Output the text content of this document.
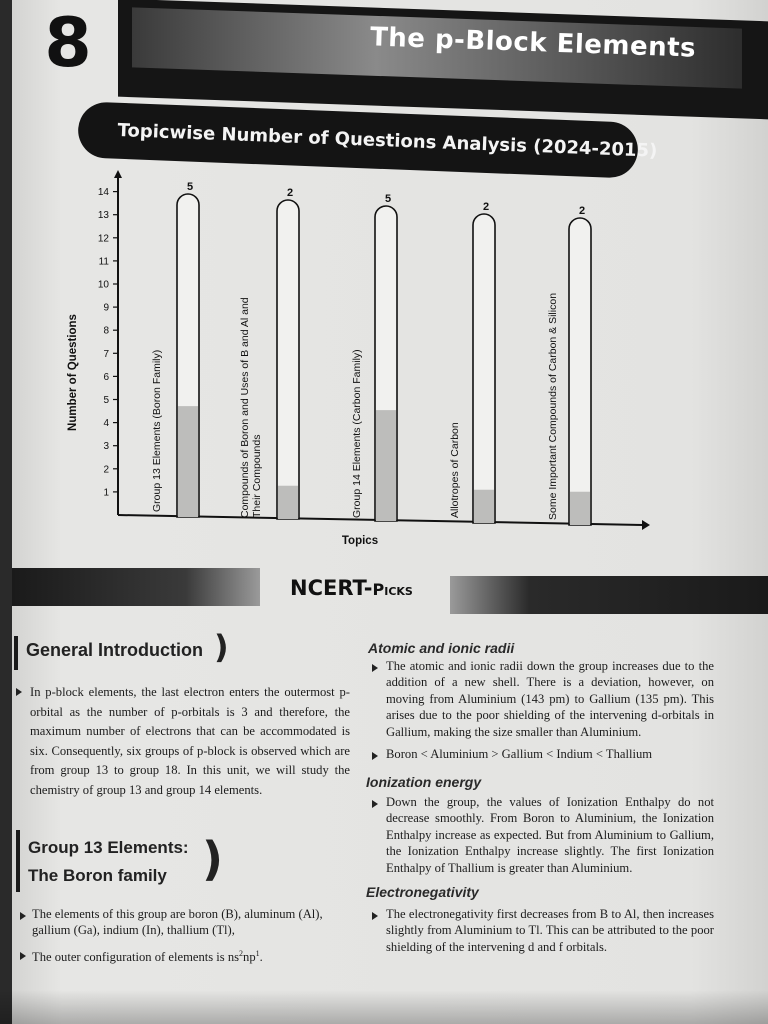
8	The p-Block Elements
Topicwise Number of Questions Analysis (2024-2015)
1
2
3
4
5
6
7
8
9
10
11
12
13
14
Number of Questions
Topics
5	2	5
2	2
Group 13 Elements (Boron Family)	Compounds of Boron and Uses of B and Al and Their Compounds	Group 14 Elements (Carbon Family)	Allotropes of Carbon	Some Important Compounds of Carbon & Silicon
NCERT-Picks
General Introduction )
In p-block elements, the last electron enters the outermost p-orbital as the number of p-orbitals is 3 and therefore, the maximum number of electrons that can be accommodated is six. Consequently, six groups of p-block is observed which are from group 13 to group 18. In this unit, we will study the chemistry of group 13 and group 14 elements.
Group 13 Elements:
The Boron family )
The elements of this group are boron (B), aluminum (Al), gallium (Ga), indium (In), thallium (Tl),
The outer configuration of elements is $ns^2np^1$.
Atomic and ionic radii
The atomic and ionic radii down the group increases due to the addition of a new shell. There is a deviation, however, on moving from Aluminium (143 pm) to Gallium (135 pm). This arises due to the poor shielding of the intervening d-orbitals in Gallium, making the size smaller than Aluminium.
Boron < Aluminium > Gallium < Indium < Thallium
Ionization energy
Down the group, the values of Ionization Enthalpy do not decrease smoothly. From Boron to Aluminium, the Ionization Enthalpy increase as expected. But from Aluminium to Gallium, the Ionization Enthalpy increase slightly. The first Ionization Enthalpy of Thallium is greater than Aluminium.
Electronegativity
The electronegativity first decreases from B to Al, then increases slightly from Aluminium to Tl. This can be attributed to the poor shielding of the intervening d and f orbitals.
